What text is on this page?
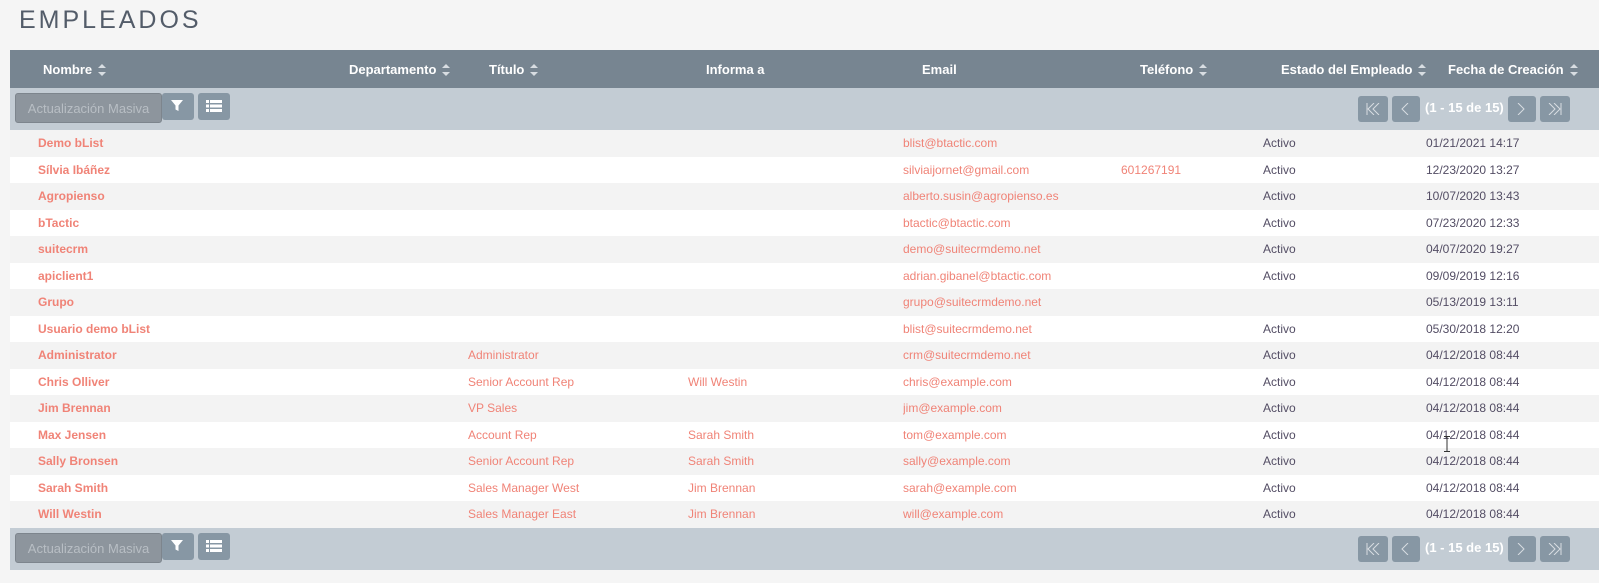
EMPLEADOS
	Nombre	Departamento	Título	Informa a	Email	Teléfono	Estado del Empleado	Fecha de Creación
Actualización Masiva	(1 - 15 de 15)
	Demo bList			blist@btactic.com		Activo	01/21/2021 14:17
	Sílvia Ibáñez			silviaijornet@gmail.com	601267191	Activo	12/23/2020 13:27
	Agropienso			alberto.susin@agropienso.es		Activo	10/07/2020 13:43
	bTactic			btactic@btactic.com		Activo	07/23/2020 12:33
	suitecrm			demo@suitecrmdemo.net		Activo	04/07/2020 19:27
	apiclient1			adrian.gibanel@btactic.com		Activo	09/09/2019 12:16
	Grupo			grupo@suitecrmdemo.net			05/13/2019 13:11
	Usuario demo bList			blist@suitecrmdemo.net		Activo	05/30/2018 12:20
	Administrator	Administrator		crm@suitecrmdemo.net		Activo	04/12/2018 08:44
	Chris Olliver	Senior Account Rep	Will Westin	chris@example.com		Activo	04/12/2018 08:44
	Jim Brennan	VP Sales		jim@example.com		Activo	04/12/2018 08:44
	Max Jensen	Account Rep	Sarah Smith	tom@example.com		Activo	04/12/2018 08:44
	Sally Bronsen	Senior Account Rep	Sarah Smith	sally@example.com		Activo	04/12/2018 08:44
	Sarah Smith	Sales Manager West	Jim Brennan	sarah@example.com		Activo	04/12/2018 08:44
	Will Westin	Sales Manager East	Jim Brennan	will@example.com		Activo	04/12/2018 08:44
Actualización Masiva	(1 - 15 de 15)
